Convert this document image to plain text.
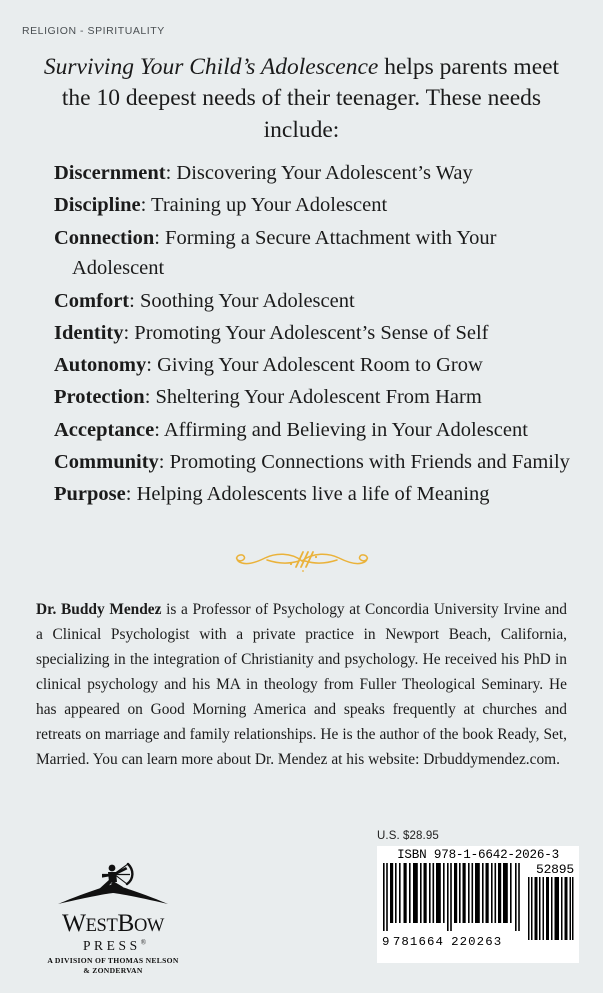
RELIGION - SPIRITUALITY
Surviving Your Child’s Adolescence helps parents meet the 10 deepest needs of their teenager. These needs include:
Discernment: Discovering Your Adolescent’s Way
Discipline: Training up Your Adolescent
Connection: Forming a Secure Attachment with Your Adolescent
Comfort: Soothing Your Adolescent
Identity: Promoting Your Adolescent’s Sense of Self
Autonomy: Giving Your Adolescent Room to Grow
Protection: Sheltering Your Adolescent From Harm
Acceptance: Affirming and Believing in Your Adolescent
Community: Promoting Connections with Friends and Family
Purpose: Helping Adolescents live a life of Meaning
Dr. Buddy Mendez is a Professor of Psychology at Concordia University Irvine and a Clinical Psychologist with a private practice in Newport Beach, California, specializing in the integration of Christianity and psychology. He received his PhD in clinical psychology and his MA in theology from Fuller Theological Seminary. He has appeared on Good Morning America and speaks frequently at churches and retreats on marriage and family relationships. He is the author of the book Ready, Set, Married. You can learn more about Dr. Mendez at his website: Drbuddymendez.com.
™
WESTBOW
PRESS®
A DIVISION OF THOMAS NELSON
& ZONDERVAN
U.S. $28.95
ISBN 978-1-6642-2026-3
9 781664 220263
52895
